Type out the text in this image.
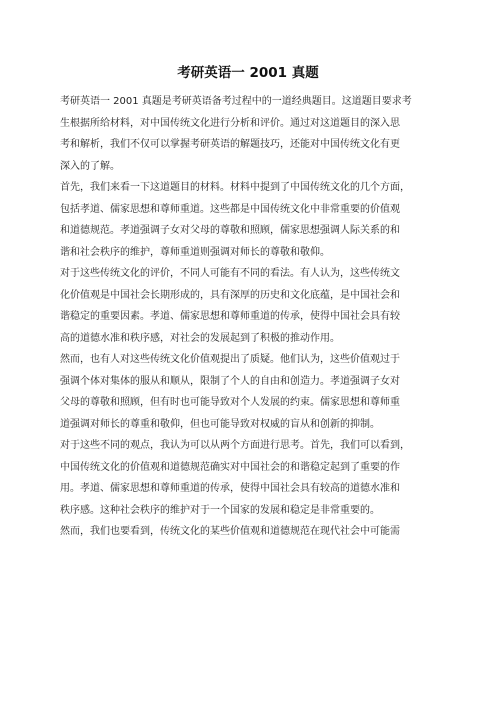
考研英语一 2001 真题
考研英语一 2001 真题是考研英语备考过程中的一道经典题目。这道题目要求考
生根据所给材料，对中国传统文化进行分析和评价。通过对这道题目的深入思
考和解析，我们不仅可以掌握考研英语的解题技巧，还能对中国传统文化有更
深入的了解。
首先，我们来看一下这道题目的材料。材料中提到了中国传统文化的几个方面，
包括孝道、儒家思想和尊师重道。这些都是中国传统文化中非常重要的价值观
和道德规范。孝道强调子女对父母的尊敬和照顾，儒家思想强调人际关系的和
谐和社会秩序的维护，尊师重道则强调对师长的尊敬和敬仰。
对于这些传统文化的评价，不同人可能有不同的看法。有人认为，这些传统文
化价值观是中国社会长期形成的，具有深厚的历史和文化底蕴，是中国社会和
谐稳定的重要因素。孝道、儒家思想和尊师重道的传承，使得中国社会具有较
高的道德水准和秩序感，对社会的发展起到了积极的推动作用。
然而，也有人对这些传统文化价值观提出了质疑。他们认为，这些价值观过于
强调个体对集体的服从和顺从，限制了个人的自由和创造力。孝道强调子女对
父母的尊敬和照顾，但有时也可能导致对个人发展的约束。儒家思想和尊师重
道强调对师长的尊重和敬仰，但也可能导致对权威的盲从和创新的抑制。
对于这些不同的观点，我认为可以从两个方面进行思考。首先，我们可以看到，
中国传统文化的价值观和道德规范确实对中国社会的和谐稳定起到了重要的作
用。孝道、儒家思想和尊师重道的传承，使得中国社会具有较高的道德水准和
秩序感。这种社会秩序的维护对于一个国家的发展和稳定是非常重要的。
然而，我们也要看到，传统文化的某些价值观和道德规范在现代社会中可能需
